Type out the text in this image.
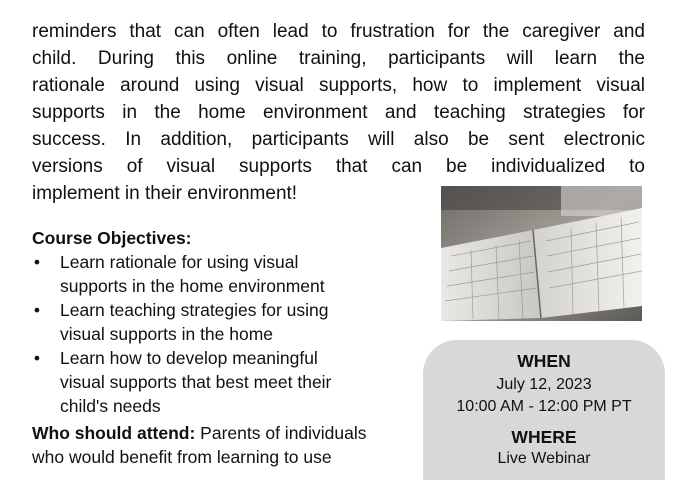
reminders that can often lead to frustration for the caregiver and
child. During this online training, participants will learn the
rationale around using visual supports, how to implement visual
supports in the home environment and teaching strategies for
success. In addition, participants will also be sent electronic
versions of visual supports that can be individualized to
implement in their environment!
Course Objectives:
• Learn rationale for using visual
supports in the home environment
• Learn teaching strategies for using
visual supports in the home
• Learn how to develop meaningful
visual supports that best meet their
child's needs
Who should attend: Parents of individuals
who would benefit from learning to use
WHEN
July 12, 2023
10:00 AM - 12:00 PM PT
WHERE
Live Webinar
